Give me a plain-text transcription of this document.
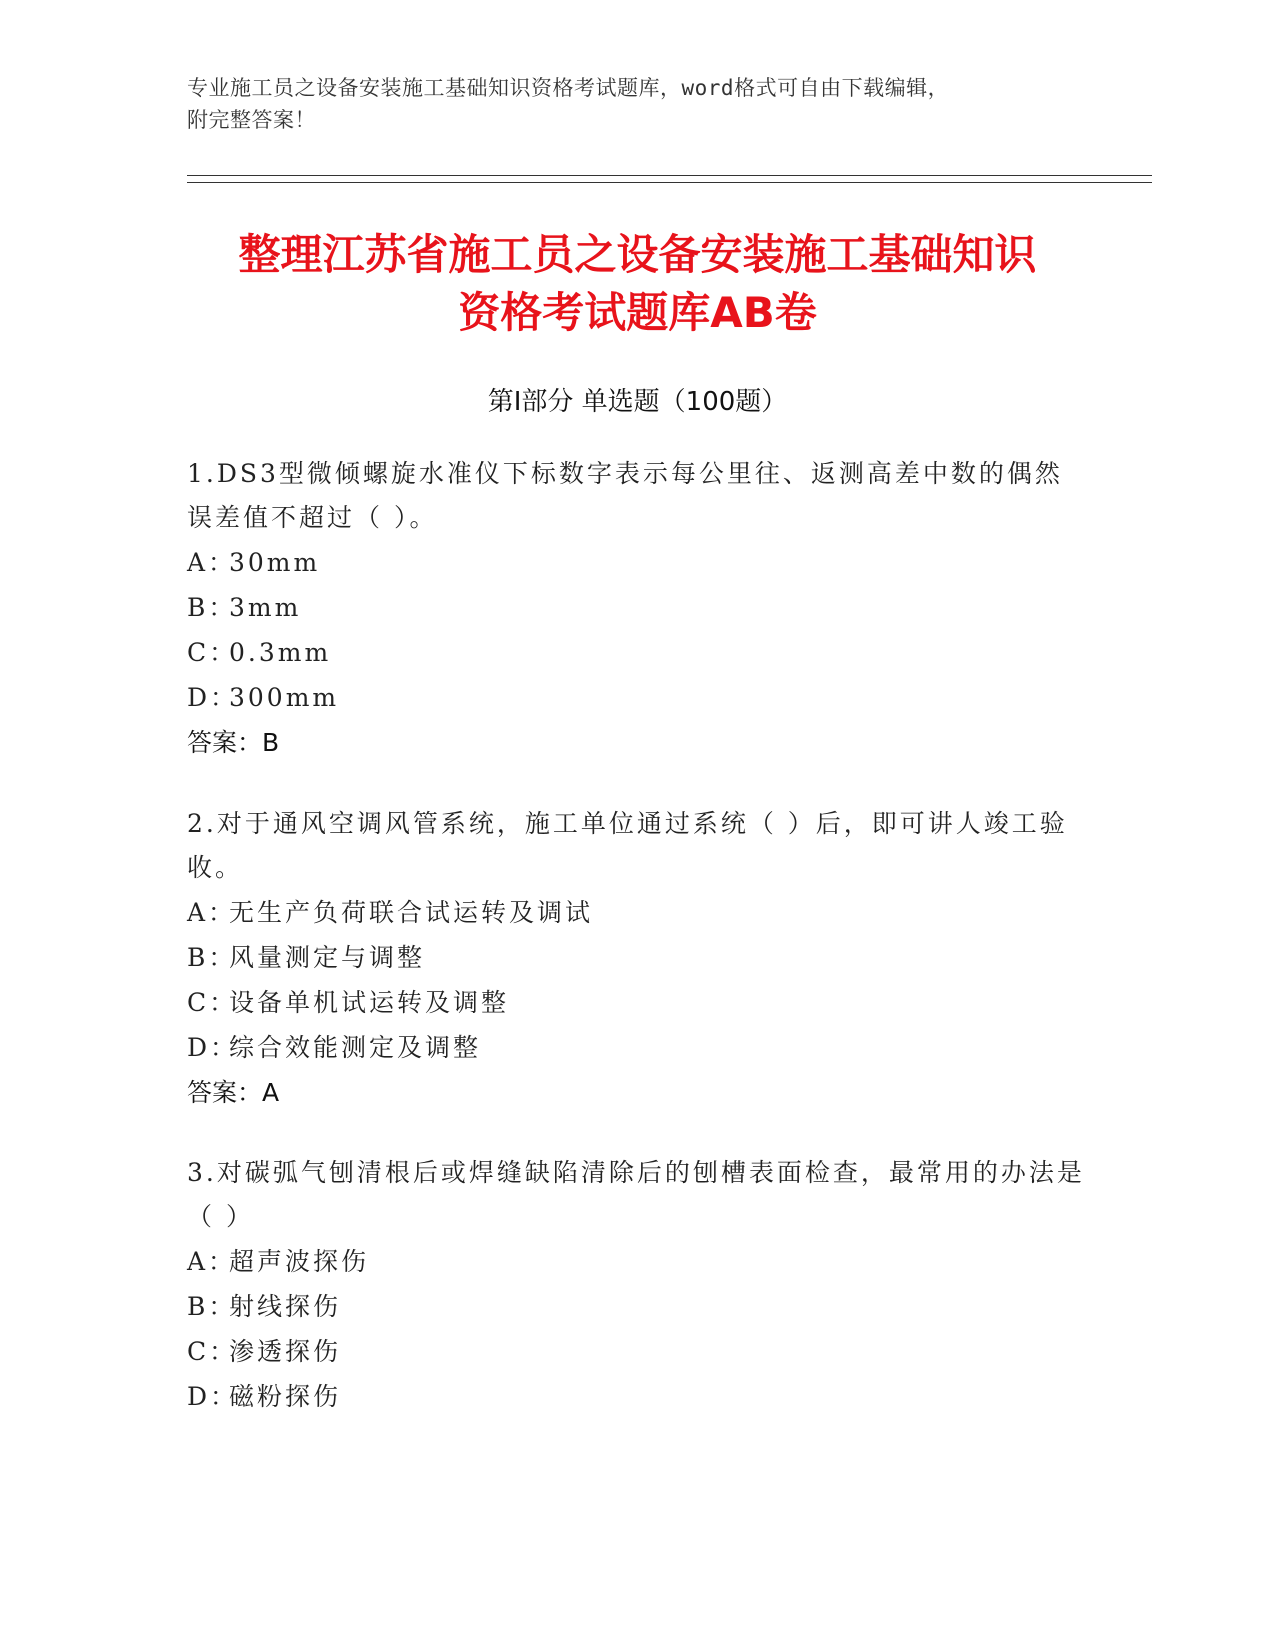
专业施工员之设备安装施工基础知识资格考试题库，word格式可自由下载编辑，
附完整答案！
整理江苏省施工员之设备安装施工基础知识
资格考试题库AB卷
第Ⅰ部分 单选题（100题）

1.DS3型微倾螺旋水准仪下标数字表示每公里往、返测高差中数的偶然误差值不超过（ ）。

A：30mm

B：3mm

C：0.3mm

D：300mm

答案：B

2.对于通风空调风管系统，施工单位通过系统（ ）后，即可讲人竣工验收。

A：无生产负荷联合试运转及调试

B：风量测定与调整

C：设备单机试运转及调整

D：综合效能测定及调整

答案：A

3.对碳弧气刨清根后或焊缝缺陷清除后的刨槽表面检查，最常用的办法是（ ）

A：超声波探伤

B：射线探伤

C：渗透探伤

D：磁粉探伤
